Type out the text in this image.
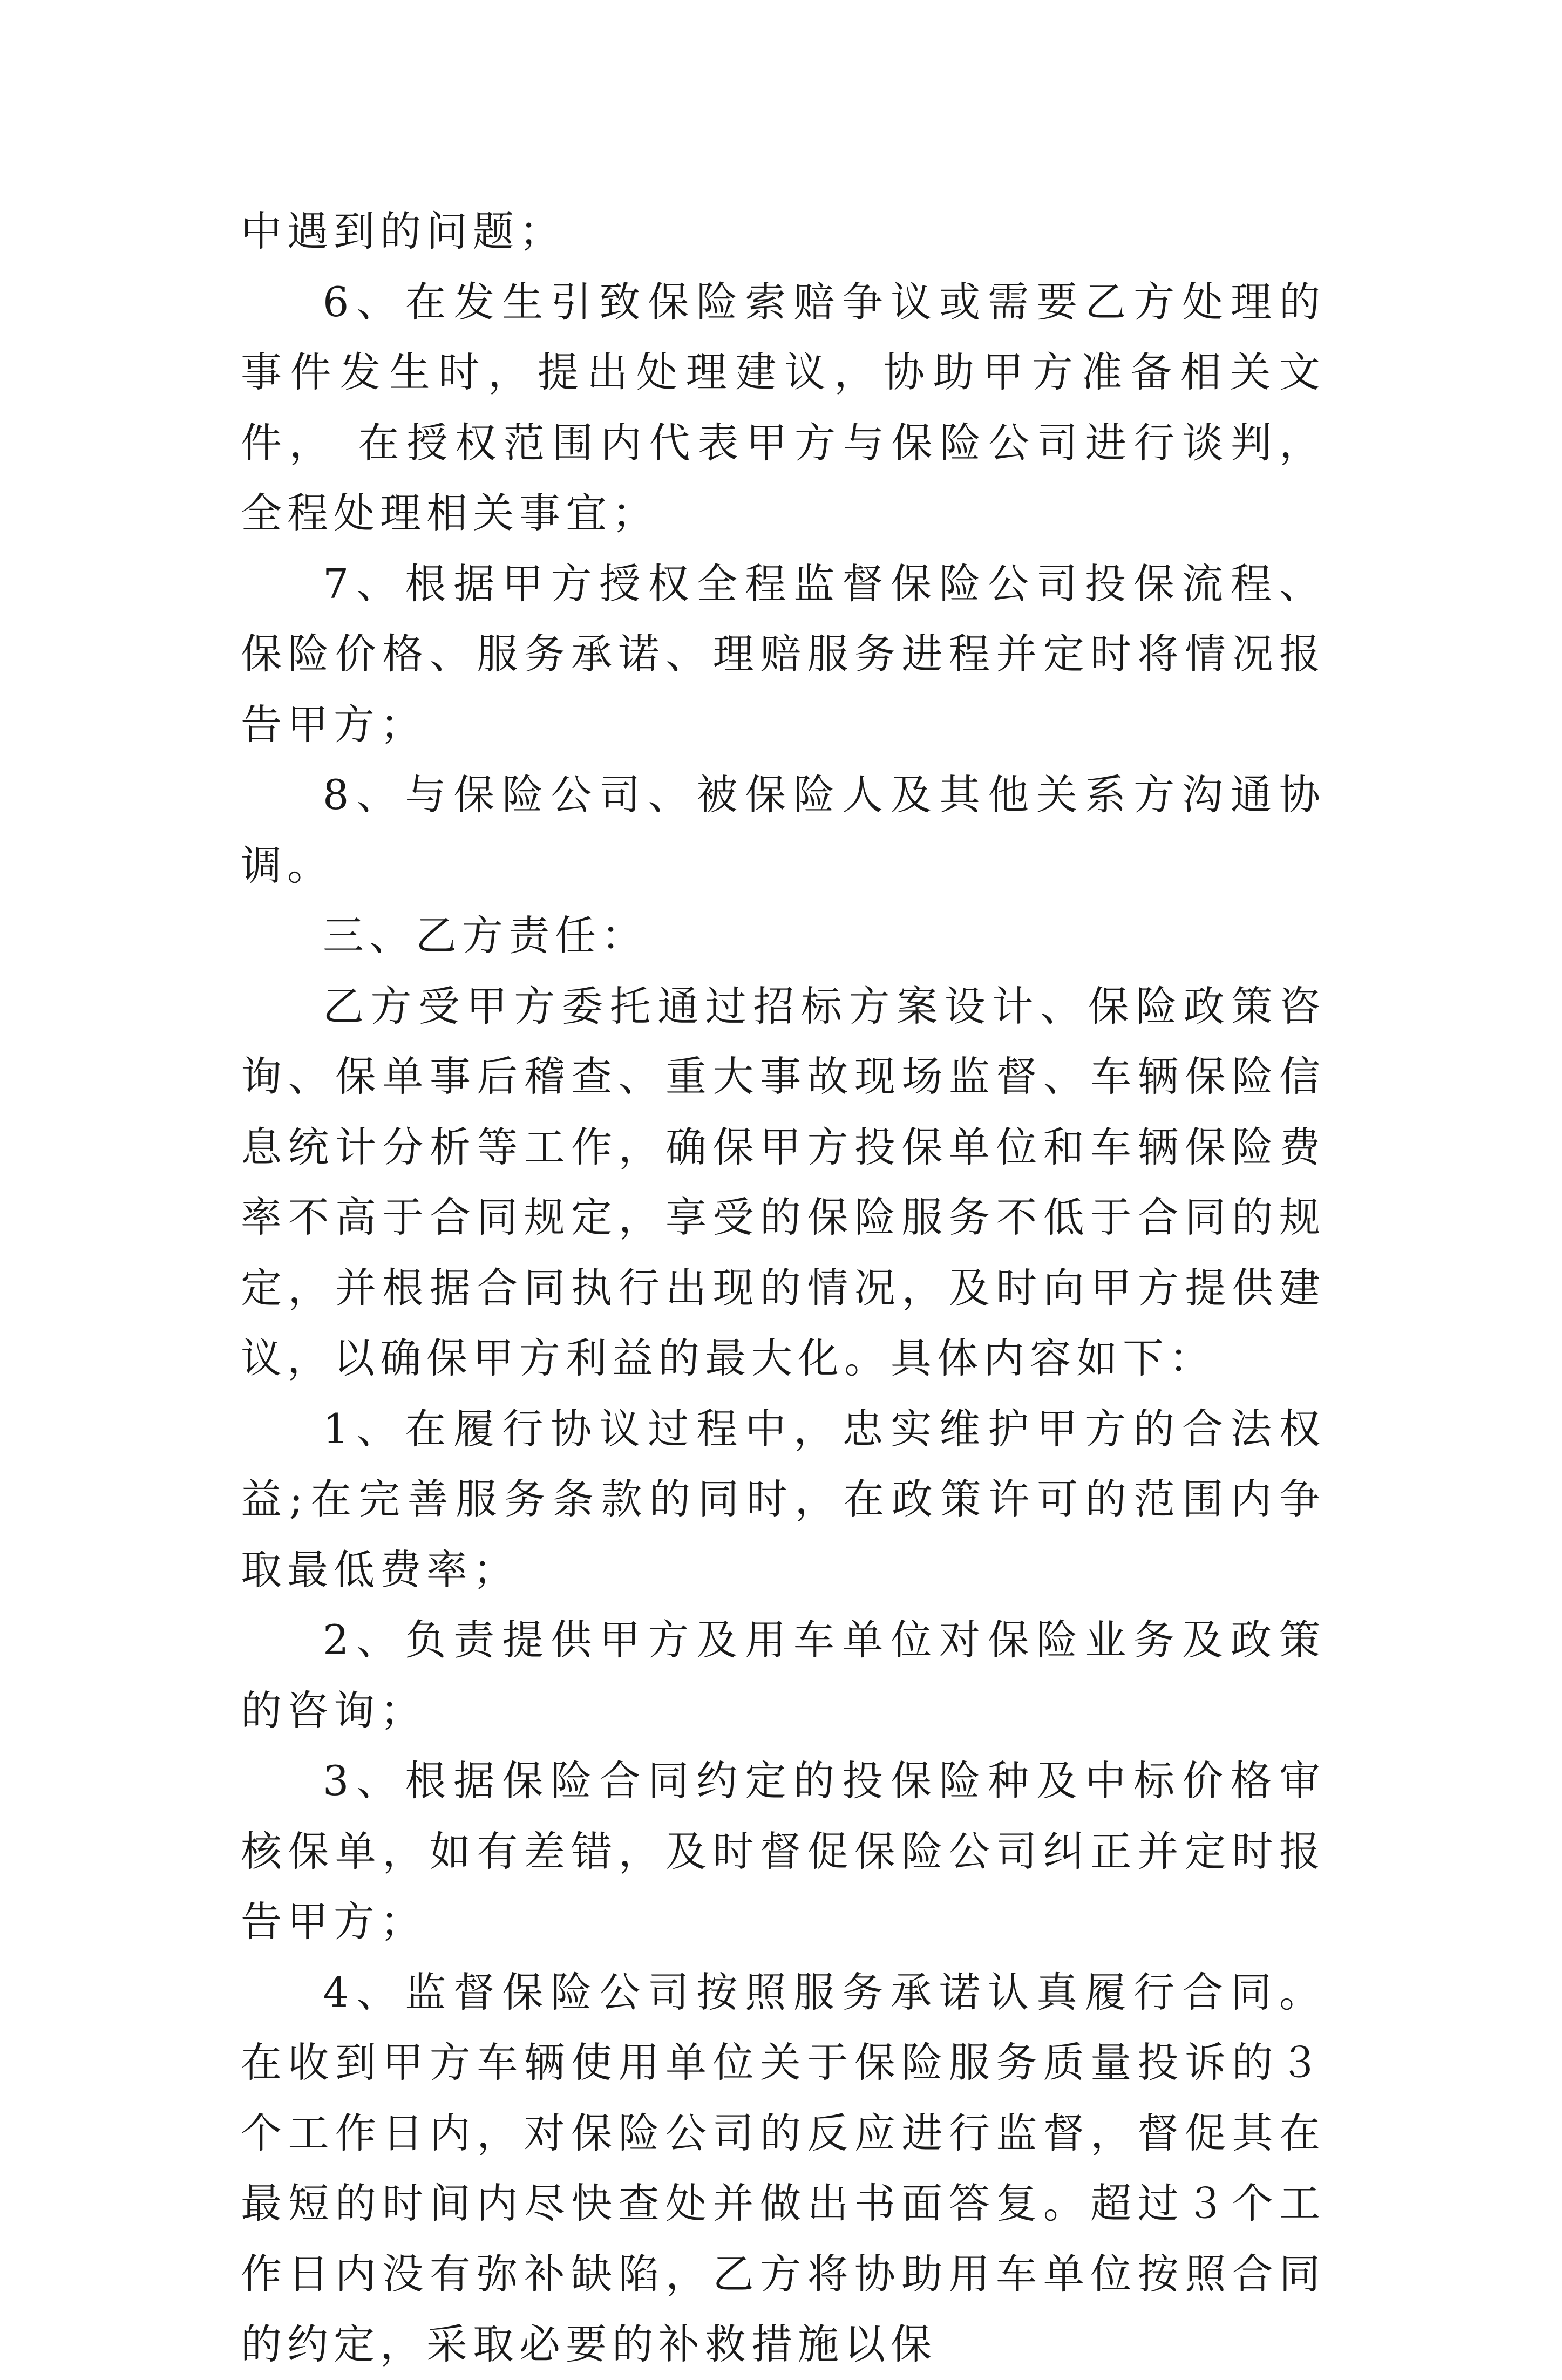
中遇到的问题；

6、在发生引致保险索赔争议或需要乙方处理的事件发生时，提出处理建议，协助甲方准备相关文件， 在授权范围内代表甲方与保险公司进行谈判，全程处理相关事宜；

7、根据甲方授权全程监督保险公司投保流程、保险价格、服务承诺、理赔服务进程并定时将情况报告甲方；

8、与保险公司、被保险人及其他关系方沟通协调。

三、乙方责任：

乙方受甲方委托通过招标方案设计、保险政策咨询、保单事后稽查、重大事故现场监督、车辆保险信息统计分析等工作，确保甲方投保单位和车辆保险费率不高于合同规定，享受的保险服务不低于合同的规定，并根据合同执行出现的情况，及时向甲方提供建议，以确保甲方利益的最大化。具体内容如下：

1、在履行协议过程中，忠实维护甲方的合法权益;在完善服务条款的同时，在政策许可的范围内争取最低费率；

2、负责提供甲方及用车单位对保险业务及政策的咨询；

3、根据保险合同约定的投保险种及中标价格审核保单，如有差错，及时督促保险公司纠正并定时报告甲方；

4、监督保险公司按照服务承诺认真履行合同。在收到甲方车辆使用单位关于保险服务质量投诉的３个工作日内，对保险公司的反应进行监督，督促其在最短的时间内尽快查处并做出书面答复。超过３个工作日内没有弥补缺陷，乙方将协助用车单位按照合同的约定，采取必要的补救措施以保
